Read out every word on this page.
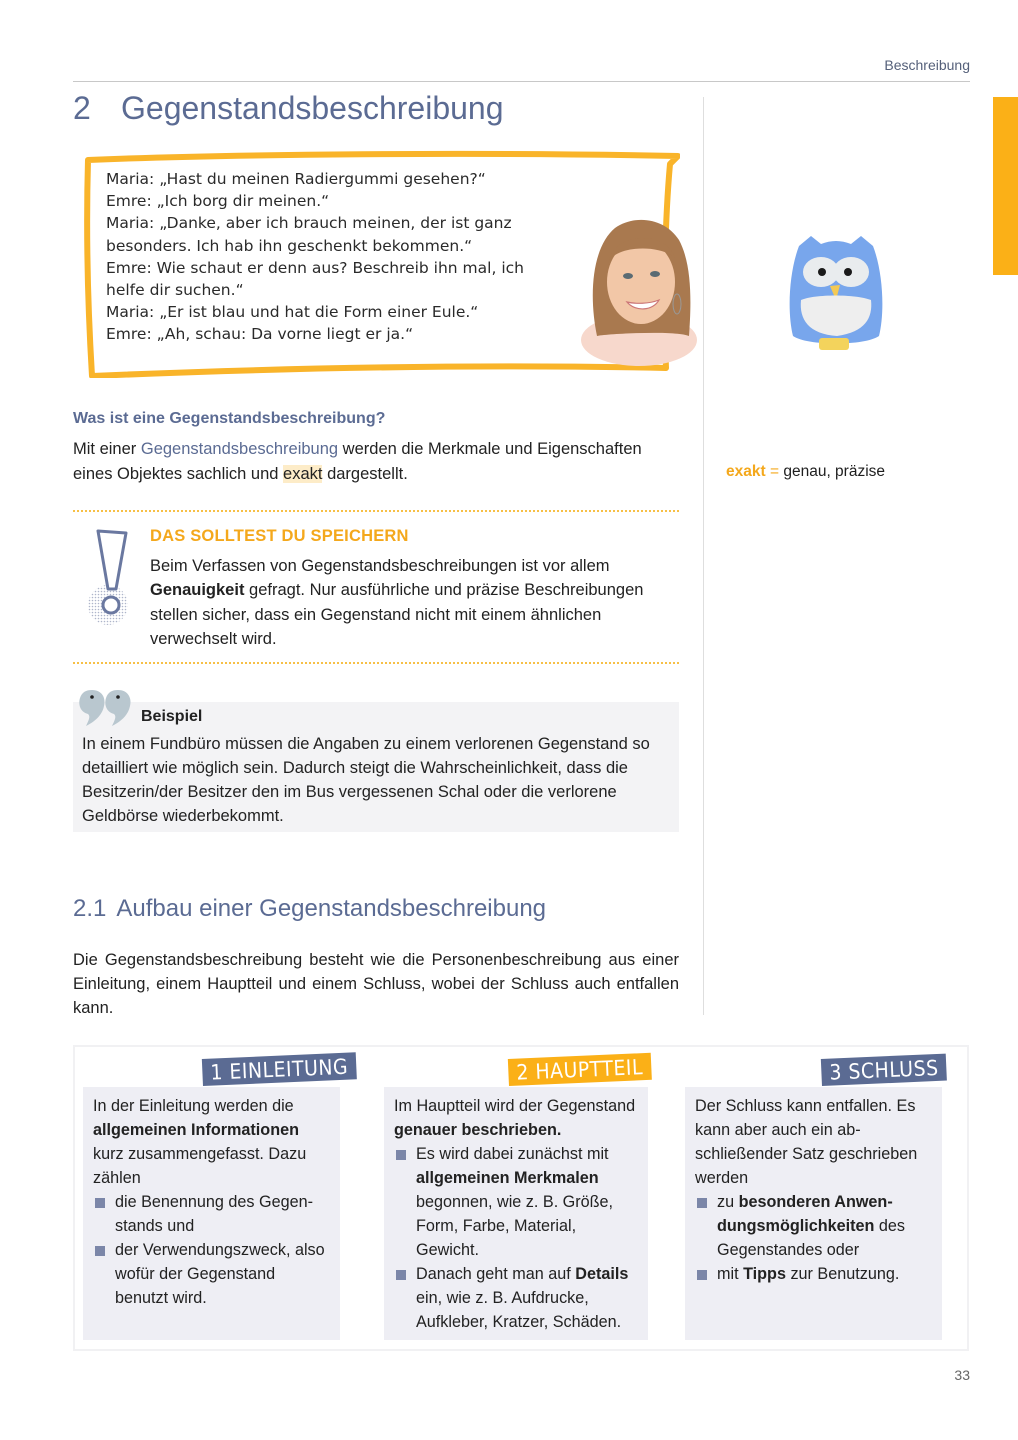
Beschreibung
2 Gegenstandsbeschreibung
Maria: „Hast du meinen Radiergummi gesehen?“
Emre: „Ich borg dir meinen.“
Maria: „Danke, aber ich brauch meinen, der ist ganz
besonders. Ich hab ihn geschenkt bekommen.“
Emre: Wie schaut er denn aus? Beschreib ihn mal, ich
helfe dir suchen.“
Maria: „Er ist blau und hat die Form einer Eule.“
Emre: „Ah, schau: Da vorne liegt er ja.“
Was ist eine Gegenstandsbeschreibung?
Mit einer Gegenstandsbeschreibung werden die Merkmale und Eigenschaften eines Objektes sachlich und exakt dargestellt.	exakt = genau, präzise
DAS SOLLTEST DU SPEICHERN
Beim Verfassen von Gegenstandsbeschreibungen ist vor allem Genauigkeit gefragt. Nur ausführliche und präzise Beschreibungen stellen sicher, dass ein Gegenstand nicht mit einem ähnlichen verwechselt wird.
Beispiel
In einem Fundbüro müssen die Angaben zu einem verlorenen Gegenstand so detailliert wie möglich sein. Dadurch steigt die Wahrscheinlichkeit, dass die Besitzerin/der Besitzer den im Bus vergessenen Schal oder die verlorene Geldbörse wiederbekommt.
2.1 Aufbau einer Gegenstandsbeschreibung
Die Gegenstandsbeschreibung besteht wie die Personenbeschreibung aus einer Einleitung, einem Hauptteil und einem Schluss, wobei der Schluss auch entfallen kann.
In der Einleitung werden die allgemeinen Informationen kurz zusammengefasst. Dazu zählen
die Benennung des Gegenstands und
der Verwendungszweck, also wofür der Gegenstand benutzt wird.
1 EINLEITUNG
Im Hauptteil wird der Gegenstand genauer beschrieben.
Es wird dabei zunächst mit allgemeinen Merkmalen begonnen, wie z. B. Größe, Form, Farbe, Material, Gewicht.
Danach geht man auf Details ein, wie z. B. Aufdrucke, Aufkleber, Kratzer, Schäden.
2 HAUPTTEIL
Der Schluss kann entfallen. Es kann aber auch ein abschließender Satz geschrieben werden
zu besonderen Anwendungsmöglichkeiten des Gegenstandes oder
mit Tipps zur Benutzung.
3 SCHLUSS
33
